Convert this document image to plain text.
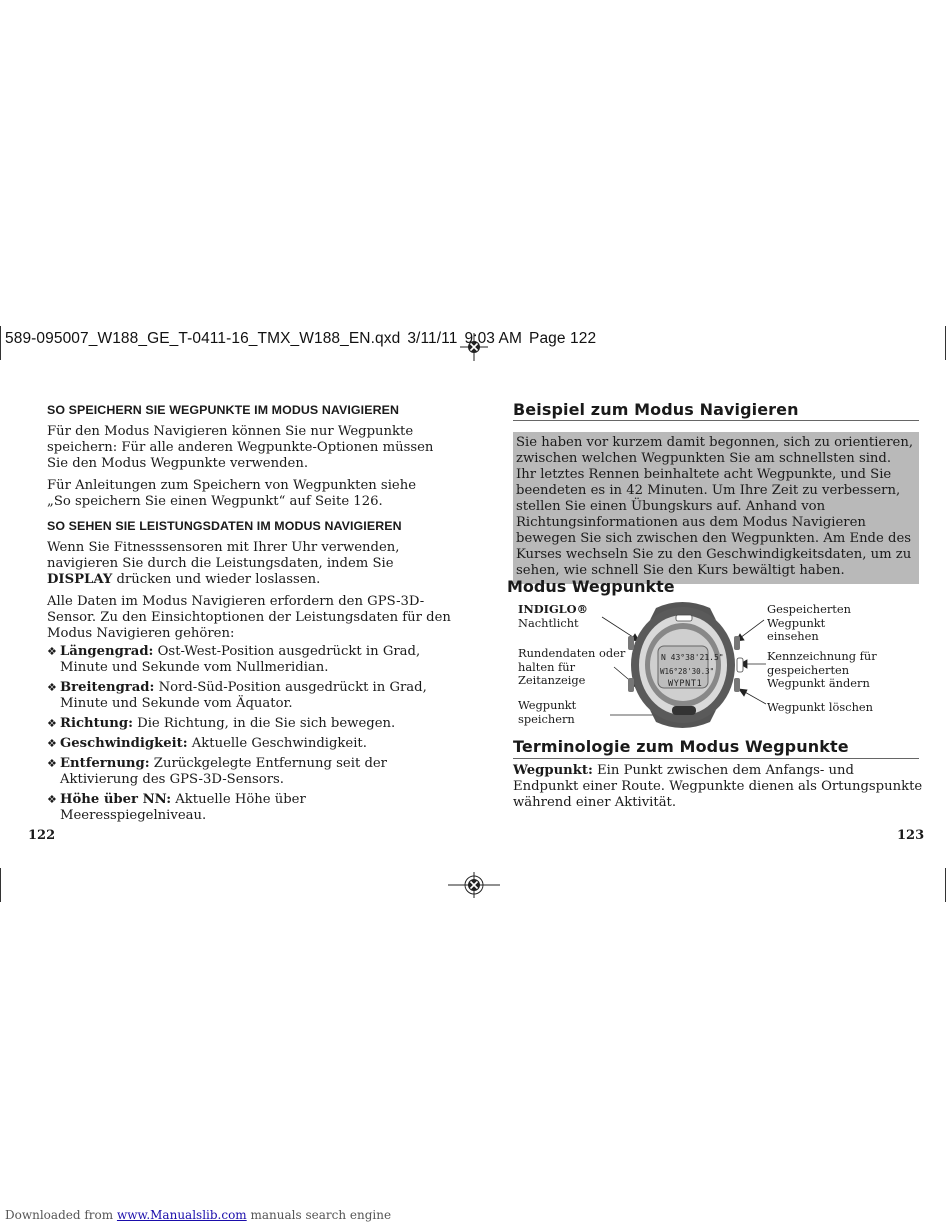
589-095007_W188_GE_T-0411-16_TMX_W188_EN.qxd 3/11/11 9:03 AM Page 122
SO SPEICHERN SIE WEGPUNKTE IM MODUS NAVIGIEREN

Für den Modus Navigieren können Sie nur Wegpunkte speichern: Für alle anderen Wegpunkte-Optionen müssen Sie den Modus Wegpunkte verwenden.

Für Anleitungen zum Speichern von Wegpunkten siehe
„So speichern Sie einen Wegpunkt“ auf Seite 126.

SO SEHEN SIE LEISTUNGSDATEN IM MODUS NAVIGIEREN

Wenn Sie Fitnesssensoren mit Ihrer Uhr verwenden, navigieren Sie durch die Leistungsdaten, indem Sie DISPLAY drücken und wieder loslassen.

Alle Daten im Modus Navigieren erfordern den GPS-3D-Sensor. Zu den Einsichtoptionen der Leistungsdaten für den Modus Navigieren gehören:

❖ Längengrad: Ost-West-Position ausgedrückt in Grad, Minute und Sekunde vom Nullmeridian.
❖ Breitengrad: Nord-Süd-Position ausgedrückt in Grad, Minute und Sekunde vom Äquator.
❖ Richtung: Die Richtung, in die Sie sich bewegen.
❖ Geschwindigkeit: Aktuelle Geschwindigkeit.
❖ Entfernung: Zurückgelegte Entfernung seit der Aktivierung des GPS-3D-Sensors.
❖ Höhe über NN: Aktuelle Höhe über Meeresspiegelniveau.
Beispiel zum Modus Navigieren
Sie haben vor kurzem damit begonnen, sich zu orientieren, zwischen welchen Wegpunkten Sie am schnellsten sind. Ihr letztes Rennen beinhaltete acht Wegpunkte, und Sie beendeten es in 42 Minuten. Um Ihre Zeit zu verbessern, stellen Sie einen Übungskurs auf. Anhand von Richtungsinformationen aus dem Modus Navigieren bewegen Sie sich zwischen den Wegpunkten. Am Ende des Kurses wechseln Sie zu den Geschwindigkeitsdaten, um zu sehen, wie schnell Sie den Kurs bewältigt haben.
Modus Wegpunkte
INDIGLO®
Nachtlicht
Rundendaten oder
halten für
Zeitanzeige
Wegpunkt
speichern
Gespeicherten
Wegpunkt
einsehen
Kennzeichnung für
gespeicherten
Wegpunkt ändern
Wegpunkt löschen
N 43°38'21.5"
W16°28'30.3"
WYPNT1
Terminologie zum Modus Wegpunkte
Wegpunkt: Ein Punkt zwischen dem Anfangs- und Endpunkt einer Route. Wegpunkte dienen als Ortungspunkte während einer Aktivität.
122	123
Downloaded from www.Manualslib.com manuals search engine
